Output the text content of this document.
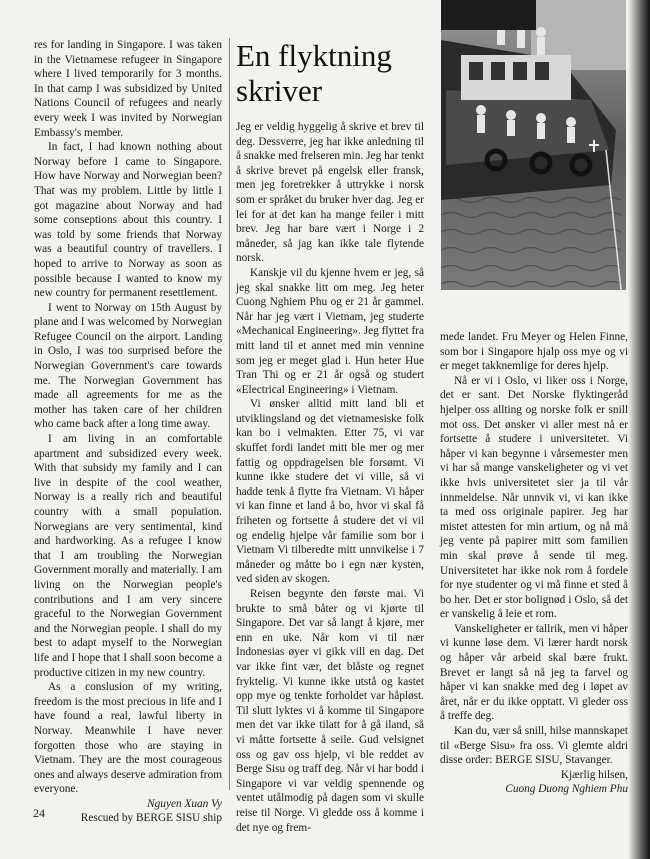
res for landing in Singapore. I was taken in the Vietnamese refugeer in Singapore where I lived temporarily for 3 months. In that camp I was subsidized by United Nations Council of refugees and nearly every week I was invited by Norwegian Embassy's member.

In fact, I had known nothing about Norway before I came to Singapore. How have Norway and Norwegian been? That was my problem. Little by little I got magazine about Norway and had some conseptions about this country. I was told by some friends that Norway was a beautiful country of travellers. I hoped to arrive to Norway as soon as possible because I wanted to know my new country for permanent resettlement.

I went to Norway on 15th August by plane and I was welcomed by Norwegian Refugee Council on the airport. Landing in Oslo, I was too surprised before the Norwegian Government's care towards me. The Norwegian Government has made all agreements for me as the mother has taken care of her children who came back after a long time away.

I am living in an comfortable apartment and subsidized every week. With that subsidy my family and I can live in despite of the cool weather, Norway is a really rich and beautiful country with a small population. Norwegians are very sentimental, kind and hardworking. As a refugee I know that I am troubling the Norwegian Government morally and materially. I am living on the Norwegian people's contributions and I am very sincere graceful to the Norwegian Government and the Norwegian people. I shall do my best to adapt myself to the Norwegian life and I hope that I shall soon become a productive citizen in my new country.

As a conslusion of my writing, freedom is the most precious in life and I have found a real, lawful liberty in Norway. Meanwhile I have never forgotten those who are staying in Vietnam. They are the most courageous ones and always deserve admiration from everyone.

Nguyen Xuan Vy

Rescued by BERGE SISU ship

En flyktning
skriver

Jeg er veldig hyggelig å skrive et brev til deg. Dessverre, jeg har ikke anledning til å snakke med frelseren min. Jeg har tenkt å skrive brevet på engelsk eller fransk, men jeg foretrekker å uttrykke i norsk som er språket du bruker hver dag. Jeg er lei for at det kan ha mange feiler i mitt brev. Jeg har bare vært i Norge i 2 måneder, så jag kan ikke tale flytende norsk.

Kanskje vil du kjenne hvem er jeg, så jeg skal snakke litt om meg. Jeg heter Cuong Nghiem Phu og er 21 år gammel. Når har jeg vært i Vietnam, jeg studerte «Mechanical Engineering». Jeg flyttet fra mitt land til et annet med min vennine som jeg er meget glad i. Hun heter Hue Tran Thi og er 21 år også og studert «Electrical Engineering» i Vietnam.

Vi ønsker alltid mitt land bli et utviklingsland og det vietnamesiske folk kan bo i velmakten. Etter 75, vi var skuffet fordi landet mitt ble mer og mer fattig og oppdragelsen ble forsømt. Vi kunne ikke studere det vi ville, så vi hadde tenk å flytte fra Vietnam. Vi håper vi kan finne et land å bo, hvor vi skal få friheten og fortsette å studere det vi vil og endelig hjelpe vår familie som bor i Vietnam Vi tilberedte mitt unnvikelse i 7 måneder og måtte bo i egn nær kysten, ved siden av skogen.

Reisen begynte den første mai. Vi brukte to små båter og vi kjørte til Singapore. Det var så langt å kjøre, mer enn en uke. Når kom vi til nær Indonesias øyer vi gikk vill en dag. Det var ikke fint vær, det blåste og regnet fryktelig. Vi kunne ikke utstå og kastet opp mye og tenkte forholdet var håpløst. Til slutt lyktes vi å komme til Singapore men det var ikke tilatt for å gå iland, så vi måtte fortsette å seile. Gud velsignet oss og gav oss hjelp, vi ble reddet av Berge Sisu og traff deg. Når vi har bodd i Singapore vi var veldig spennende og ventet utålmodig på dagen som vi skulle reise til Norge. Vi gledde oss å komme i det nye og frem-

mede landet. Fru Meyer og Helen Finne, som bor i Singapore hjalp oss mye og vi er meget takknemlige for deres hjelp.

Nå er vi i Oslo, vi liker oss i Norge, det er sant. Det Norske flyktingeråd hjelper oss allting og norske folk er snill mot oss. Det ønsker vi aller mest nå er fortsette å studere i universitetet. Vi håper vi kan begynne i vårsemester men vi har så mange vanskeligheter og vi vet ikke hvis universitetet sier ja til vår innmeldelse. Når unnvik vi, vi kan ikke ta med oss originale papirer. Jeg har mistet attesten for min artium, og nå må jeg vente på papirer mitt som familien min skal prøve å sende til meg. Universitetet har ikke nok rom å fordele for nye studenter og vi må finne et sted å bo her. Det er stor bolignød i Oslo, så det er vanskelig å leie et rom.

Vanskeligheter er tallrik, men vi håper vi kunne løse dem. Vi lærer hardt norsk og håper vår arbeid skal bære frukt. Brevet er langt så nå jeg ta farvel og håper vi kan snakke med deg i løpet av året, når er du ikke opptatt. Vi gleder oss å treffe deg.

Kan du, vær så snill, hilse mannskapet til «Berge Sisu» fra oss. Vi glemte aldri disse order: BERGE SISU, Stavanger.

Kjærlig hilsen,

Cuong Duong Nghiem Phu

24
